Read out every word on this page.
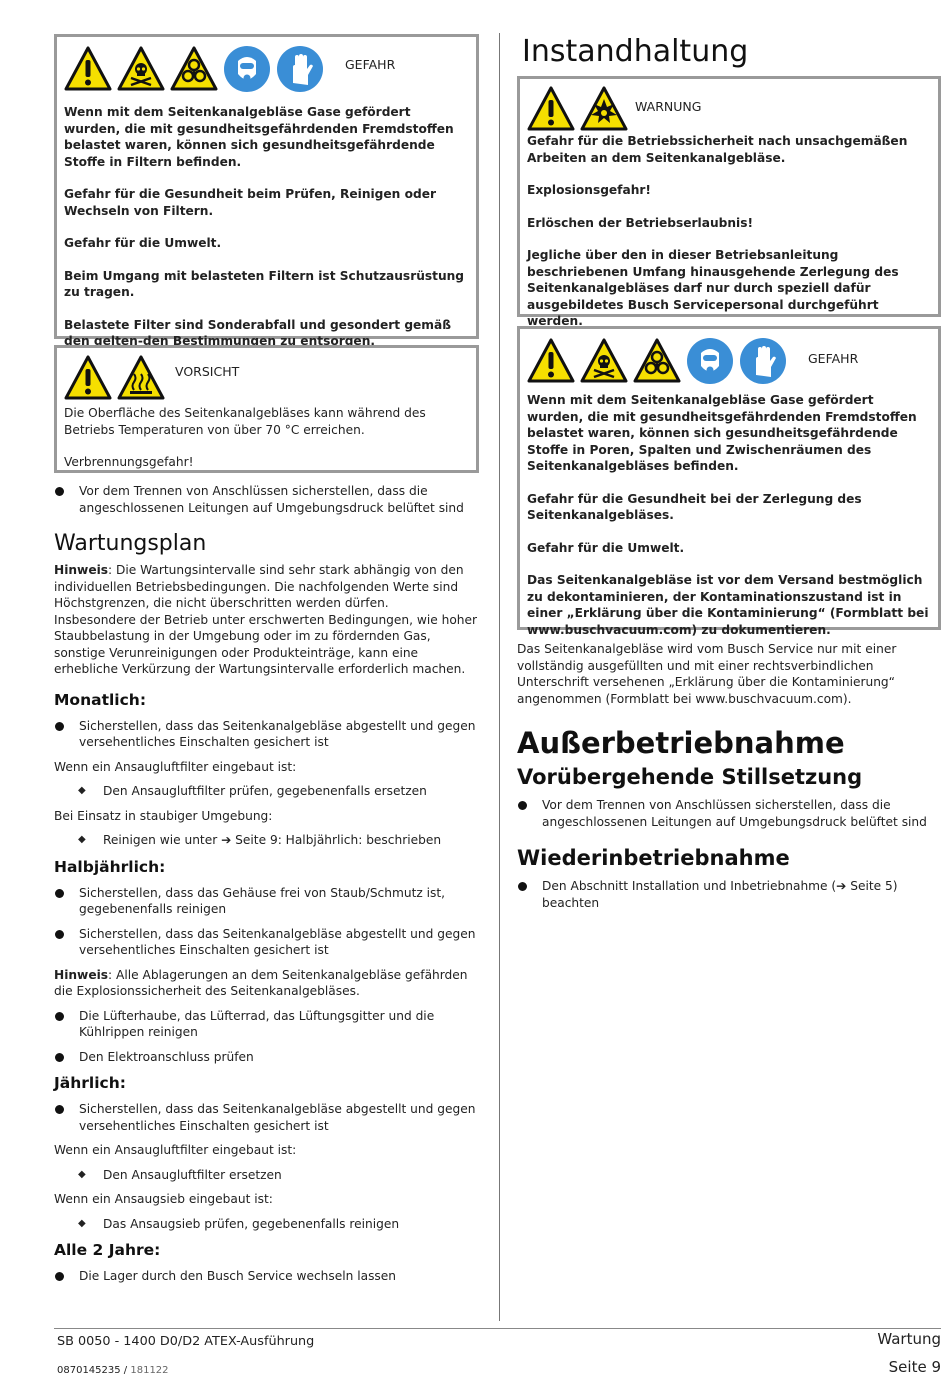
GEFAHR
Wenn mit dem Seitenkanalgebläse Gase gefördert wurden, die mit gesundheitsgefährdenden Fremdstoffen belastet waren, können sich gesundheitsgefährdende Stoffe in Filtern befinden.
Gefahr für die Gesundheit beim Prüfen, Reinigen oder Wechseln von Filtern.
Gefahr für die Umwelt.
Beim Umgang mit belasteten Filtern ist Schutzausrüstung zu tragen.
Belastete Filter sind Sonderabfall und gesondert gemäß den gelten-den Bestimmungen zu entsorgen.
VORSICHT
Die Oberfläche des Seitenkanalgebläses kann während des Betriebs Temperaturen von über 70 °C erreichen.
Verbrennungsgefahr!
Vor dem Trennen von Anschlüssen sicherstellen, dass die angeschlossenen Leitungen auf Umgebungsdruck belüftet sind
Wartungsplan
Hinweis: Die Wartungsintervalle sind sehr stark abhängig von den individuellen Betriebsbedingungen. Die nachfolgenden Werte sind Höchstgrenzen, die nicht überschritten werden dürfen.
Insbesondere der Betrieb unter erschwerten Bedingungen, wie hoher Staubbelastung in der Umgebung oder im zu fördernden Gas, sonstige Verunreinigungen oder Produkteinträge, kann eine erhebliche Verkürzung der Wartungsintervalle erforderlich machen.
Monatlich:
Sicherstellen, dass das Seitenkanalgebläse abgestellt und gegen versehentliches Einschalten gesichert ist
Wenn ein Ansaugluftfilter eingebaut ist:
◆ Den Ansaugluftfilter prüfen, gegebenenfalls ersetzen
Bei Einsatz in staubiger Umgebung:
◆ Reinigen wie unter ➔ Seite 9: Halbjährlich: beschrieben
Halbjährlich:
Sicherstellen, dass das Gehäuse frei von Staub/Schmutz ist, gegebenenfalls reinigen
Sicherstellen, dass das Seitenkanalgebläse abgestellt und gegen versehentliches Einschalten gesichert ist
Hinweis: Alle Ablagerungen an dem Seitenkanalgebläse gefährden die Explosionssicherheit des Seitenkanalgebläses.
Die Lüfterhaube, das Lüfterrad, das Lüftungsgitter und die Kühlrippen reinigen
Den Elektroanschluss prüfen
Jährlich:
Sicherstellen, dass das Seitenkanalgebläse abgestellt und gegen versehentliches Einschalten gesichert ist
Wenn ein Ansaugluftfilter eingebaut ist:
◆ Den Ansaugluftfilter ersetzen
Wenn ein Ansaugsieb eingebaut ist:
◆ Das Ansaugsieb prüfen, gegebenenfalls reinigen
Alle 2 Jahre:
Die Lager durch den Busch Service wechseln lassen
Instandhaltung
WARNUNG
Gefahr für die Betriebssicherheit nach unsachgemäßen Arbeiten an dem Seitenkanalgebläse.
Explosionsgefahr!
Erlöschen der Betriebserlaubnis!
Jegliche über den in dieser Betriebsanleitung beschriebenen Umfang hinausgehende Zerlegung des Seitenkanalgebläses darf nur durch speziell dafür ausgebildetes Busch Servicepersonal durchgeführt werden.
GEFAHR
Wenn mit dem Seitenkanalgebläse Gase gefördert wurden, die mit gesundheitsgefährdenden Fremdstoffen belastet waren, können sich gesundheitsgefährdende Stoffe in Poren, Spalten und Zwischenräumen des Seitenkanalgebläses befinden.
Gefahr für die Gesundheit bei der Zerlegung des Seitenkanalgebläses.
Gefahr für die Umwelt.
Das Seitenkanalgebläse ist vor dem Versand bestmöglich zu dekontaminieren, der Kontaminationszustand ist in einer „Erklärung über die Kontaminierung“ (Formblatt bei www.buschvacuum.com) zu dokumentieren.
Das Seitenkanalgebläse wird vom Busch Service nur mit einer vollständig ausgefüllten und mit einer rechtsverbindlichen Unterschrift versehenen „Erklärung über die Kontaminierung“ angenommen (Formblatt bei www.buschvacuum.com).
Außerbetriebnahme
Vorübergehende Stillsetzung
Vor dem Trennen von Anschlüssen sicherstellen, dass die angeschlossenen Leitungen auf Umgebungsdruck belüftet sind
Wiederinbetriebnahme
Den Abschnitt Installation und Inbetriebnahme (➔ Seite 5) beachten
SB 0050 - 1400 D0/D2 ATEX-Ausführung
0870145235 / 181122
Wartung
Seite 9
